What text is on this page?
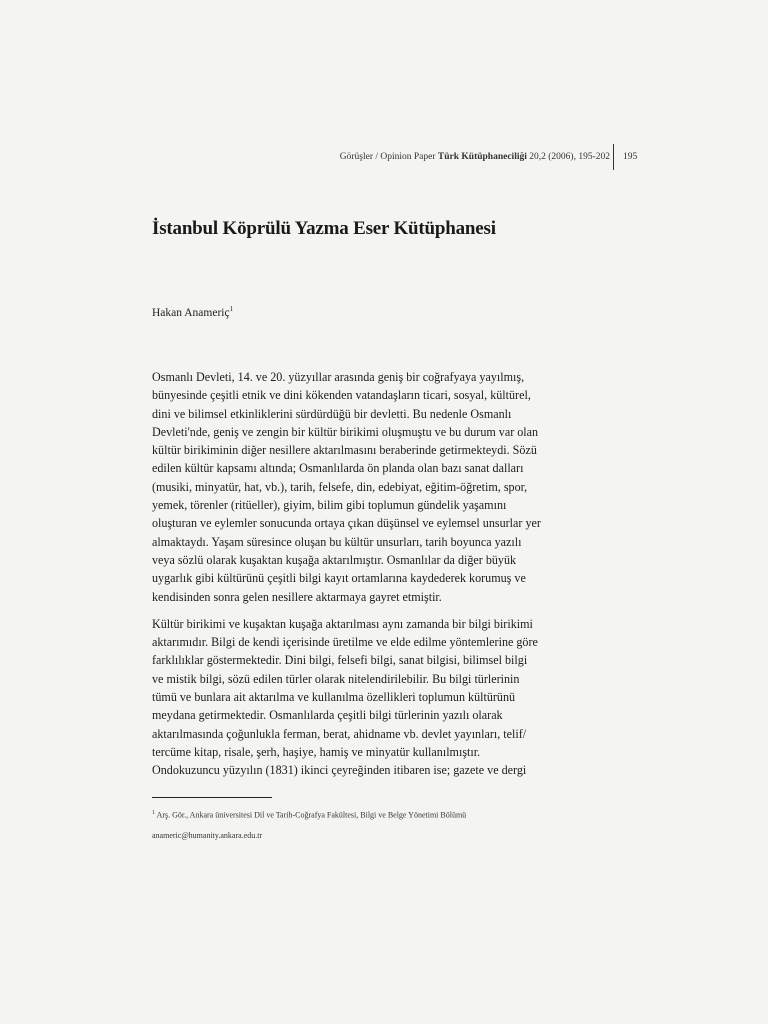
Görüşler / Opinion Paper Türk Kütüphaneciliği 20,2 (2006), 195-202 195
İstanbul Köprülü Yazma Eser Kütüphanesi
Hakan Anameriç$^1$

Osmanlı Devleti, 14. ve 20. yüzyıllar arasında geniş bir coğrafyaya yayılmış,
bünyesinde çeşitli etnik ve dini kökenden vatandaşların ticari, sosyal, kültürel,
dini ve bilimsel etkinliklerini sürdürdüğü bir devletti. Bu nedenle Osmanlı
Devleti'nde, geniş ve zengin bir kültür birikimi oluşmuştu ve bu durum var olan
kültür birikiminin diğer nesillere aktarılmasını beraberinde getirmekteydi. Sözü
edilen kültür kapsamı altında; Osmanlılarda ön planda olan bazı sanat dalları
(musiki, minyatür, hat, vb.), tarih, felsefe, din, edebiyat, eğitim-öğretim, spor,
yemek, törenler (ritüeller), giyim, bilim gibi toplumun gündelik yaşamını
oluşturan ve eylemler sonucunda ortaya çıkan düşünsel ve eylemsel unsurlar yer
almaktaydı. Yaşam süresince oluşan bu kültür unsurları, tarih boyunca yazılı
veya sözlü olarak kuşaktan kuşağa aktarılmıştır. Osmanlılar da diğer büyük
uygarlık gibi kültürünü çeşitli bilgi kayıt ortamlarına kaydederek korumuş ve
kendisinden sonra gelen nesillere aktarmaya gayret etmiştir.

Kültür birikimi ve kuşaktan kuşağa aktarılması aynı zamanda bir bilgi birikimi
aktarımıdır. Bilgi de kendi içerisinde üretilme ve elde edilme yöntemlerine göre
farklılıklar göstermektedir. Dini bilgi, felsefi bilgi, sanat bilgisi, bilimsel bilgi
ve mistik bilgi, sözü edilen türler olarak nitelendirilebilir. Bu bilgi türlerinin
tümü ve bunlara ait aktarılma ve kullanılma özellikleri toplumun kültürünü
meydana getirmektedir. Osmanlılarda çeşitli bilgi türlerinin yazılı olarak
aktarılmasında çoğunlukla ferman, berat, ahidname vb. devlet yayınları, telif/
tercüme kitap, risale, şerh, haşiye, hamiş ve minyatür kullanılmıştır.
Ondokuzuncu yüzyılın (1831) ikinci çeyreğinden itibaren ise; gazete ve dergi

$^1$ Arş. Gör., Ankara üniversitesi Dil ve Tarih-Coğrafya Fakültesi, Bilgi ve Belge Yönetimi Bölümü
anameric@humanity.ankara.edu.tr
